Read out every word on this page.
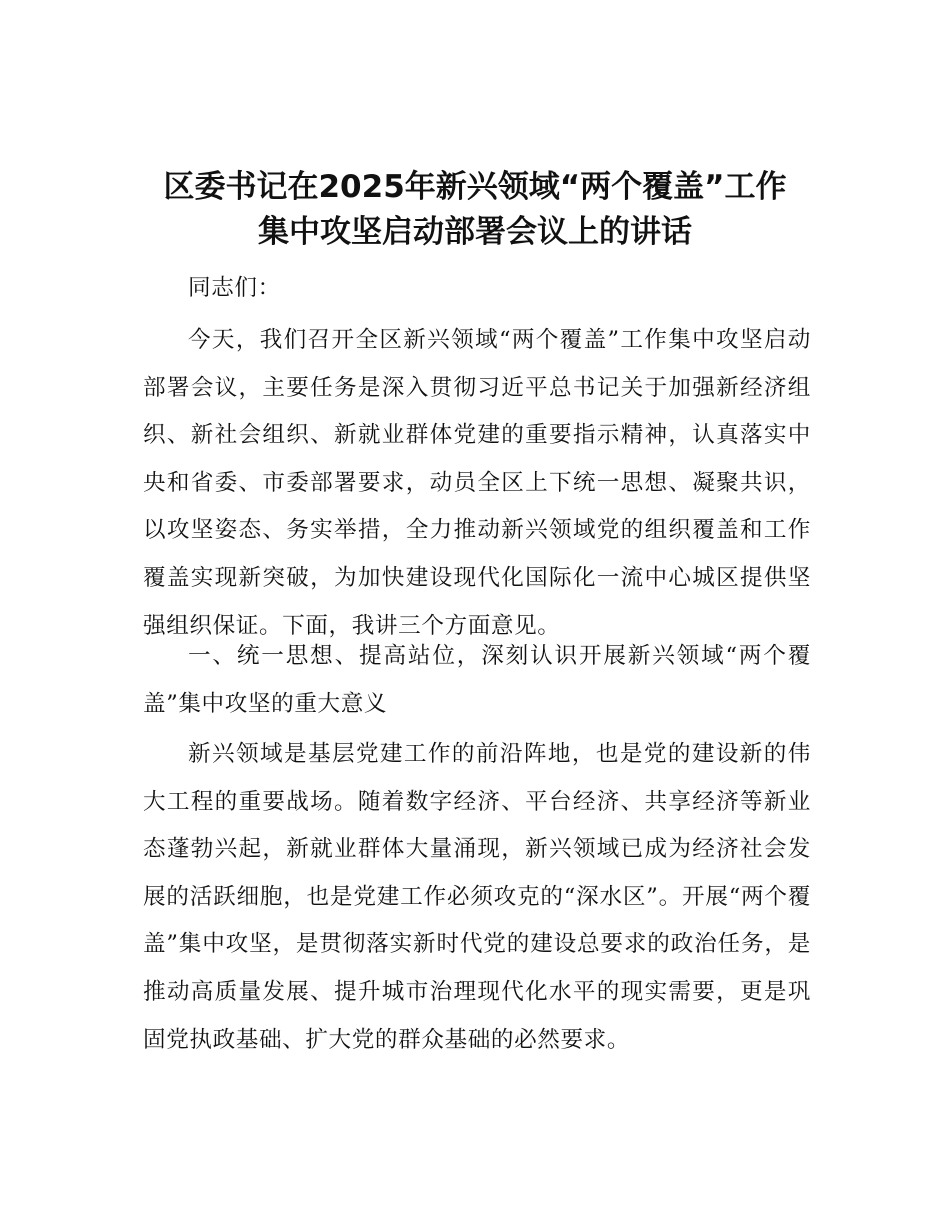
区委书记在2025年新兴领域“两个覆盖”工作
集中攻坚启动部署会议上的讲话

同志们：

今天，我们召开全区新兴领域“两个覆盖”工作集中攻坚启动部署会议，主要任务是深入贯彻习近平总书记关于加强新经济组织、新社会组织、新就业群体党建的重要指示精神，认真落实中央和省委、市委部署要求，动员全区上下统一思想、凝聚共识，以攻坚姿态、务实举措，全力推动新兴领域党的组织覆盖和工作覆盖实现新突破，为加快建设现代化国际化一流中心城区提供坚强组织保证。下面，我讲三个方面意见。

一、统一思想、提高站位，深刻认识开展新兴领域“两个覆盖”集中攻坚的重大意义

新兴领域是基层党建工作的前沿阵地，也是党的建设新的伟大工程的重要战场。随着数字经济、平台经济、共享经济等新业态蓬勃兴起，新就业群体大量涌现，新兴领域已成为经济社会发展的活跃细胞，也是党建工作必须攻克的“深水区”。开展“两个覆盖”集中攻坚，是贯彻落实新时代党的建设总要求的政治任务，是推动高质量发展、提升城市治理现代化水平的现实需要，更是巩固党执政基础、扩大党的群众基础的必然要求。
